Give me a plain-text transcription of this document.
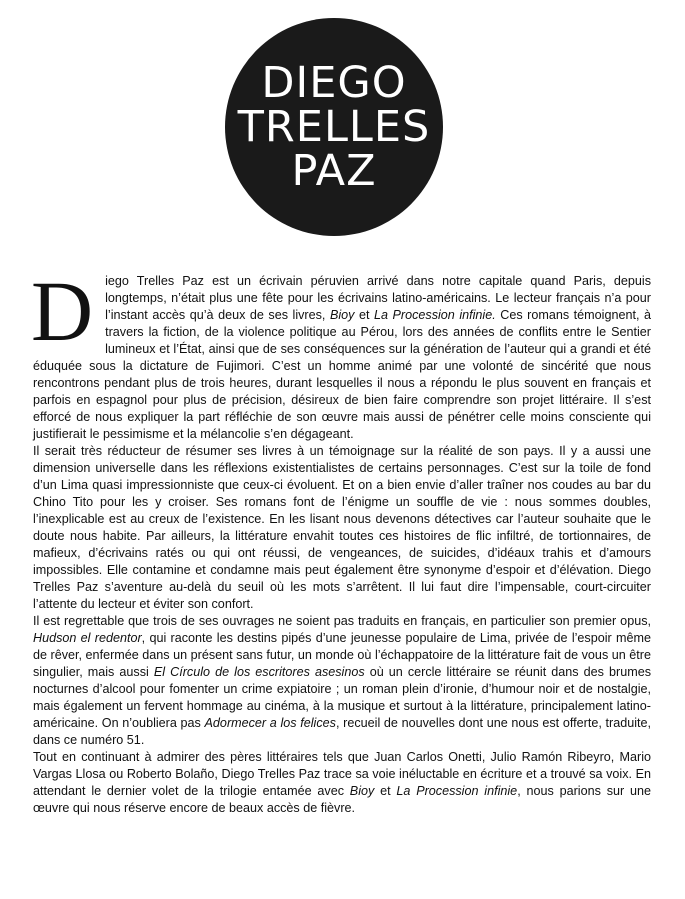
DIEGO
TRELLES
PAZ

Diego Trelles Paz est un écrivain péruvien arrivé dans notre capitale quand Paris, depuis longtemps, n’était plus une fête pour les écrivains latino-américains. Le lecteur français n’a pour l’instant accès qu’à deux de ses livres, Bioy et La Procession infinie. Ces romans témoignent, à travers la fiction, de la violence politique au Pérou, lors des années de conflits entre le Sentier lumineux et l’État, ainsi que de ses conséquences sur la génération de l’auteur qui a grandi et été éduquée sous la dictature de Fujimori. C’est un homme animé par une volonté de sincérité que nous rencontrons pendant plus de trois heures, durant lesquelles il nous a répondu le plus souvent en français et parfois en espagnol pour plus de précision, désireux de bien faire comprendre son projet littéraire. Il s’est efforcé de nous expliquer la part réfléchie de son œuvre mais aussi de pénétrer celle moins consciente qui justifierait le pessimisme et la mélancolie s’en dégageant.

Il serait très réducteur de résumer ses livres à un témoignage sur la réalité de son pays. Il y a aussi une dimension universelle dans les réflexions existentialistes de certains personnages. C’est sur la toile de fond d’un Lima quasi impressionniste que ceux-ci évoluent. Et on a bien envie d’aller traîner nos coudes au bar du Chino Tito pour les y croiser. Ses romans font de l’énigme un souffle de vie : nous sommes doubles, l’inexplicable est au creux de l’existence. En les lisant nous devenons détectives car l’auteur souhaite que le doute nous habite. Par ailleurs, la littérature envahit toutes ces histoires de flic infiltré, de tortionnaires, de mafieux, d’écrivains ratés ou qui ont réussi, de vengeances, de suicides, d’idéaux trahis et d’amours impossibles. Elle contamine et condamne mais peut également être synonyme d’espoir et d’élévation. Diego Trelles Paz s’aventure au-delà du seuil où les mots s’arrêtent. Il lui faut dire l’impensable, court-circuiter l’attente du lecteur et éviter son confort.

Il est regrettable que trois de ses ouvrages ne soient pas traduits en français, en particulier son premier opus, Hudson el redentor, qui raconte les destins pipés d’une jeunesse populaire de Lima, privée de l’espoir même de rêver, enfermée dans un présent sans futur, un monde où l’échappatoire de la littérature fait de vous un être singulier, mais aussi El Círculo de los escritores asesinos où un cercle littéraire se réunit dans des brumes nocturnes d’alcool pour fomenter un crime expiatoire ; un roman plein d’ironie, d’humour noir et de nostalgie, mais également un fervent hommage au cinéma, à la musique et surtout à la littérature, principalement latino-américaine. On n’oubliera pas Adormecer a los felices, recueil de nouvelles dont une nous est offerte, traduite, dans ce numéro 51.

Tout en continuant à admirer des pères littéraires tels que Juan Carlos Onetti, Julio Ramón Ribeyro, Mario Vargas Llosa ou Roberto Bolaño, Diego Trelles Paz trace sa voie inéluctable en écriture et a trouvé sa voix. En attendant le dernier volet de la trilogie entamée avec Bioy et La Procession infinie, nous parions sur une œuvre qui nous réserve encore de beaux accès de fièvre.
